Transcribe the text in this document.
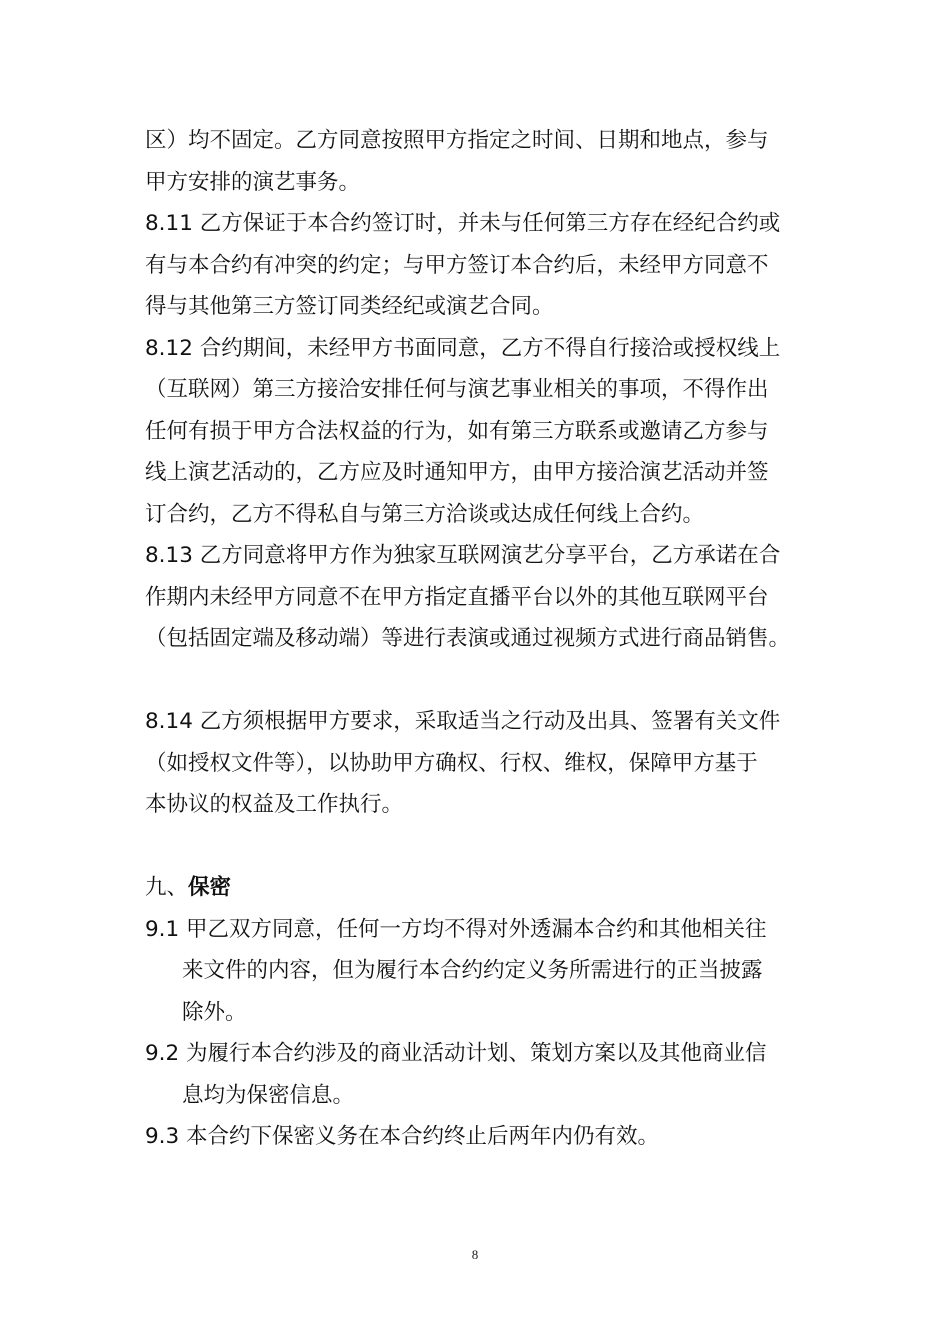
区）均不固定。乙方同意按照甲方指定之时间、日期和地点，参与
甲方安排的演艺事务。
8.11 乙方保证于本合约签订时，并未与任何第三方存在经纪合约或
有与本合约有冲突的约定；与甲方签订本合约后，未经甲方同意不
得与其他第三方签订同类经纪或演艺合同。
8.12 合约期间，未经甲方书面同意，乙方不得自行接洽或授权线上
（互联网）第三方接洽安排任何与演艺事业相关的事项，不得作出
任何有损于甲方合法权益的行为，如有第三方联系或邀请乙方参与
线上演艺活动的，乙方应及时通知甲方，由甲方接洽演艺活动并签
订合约，乙方不得私自与第三方洽谈或达成任何线上合约。
8.13 乙方同意将甲方作为独家互联网演艺分享平台，乙方承诺在合
作期内未经甲方同意不在甲方指定直播平台以外的其他互联网平台
（包括固定端及移动端）等进行表演或通过视频方式进行商品销售。
8.14 乙方须根据甲方要求，采取适当之行动及出具、签署有关文件
（如授权文件等），以协助甲方确权、行权、维权，保障甲方基于
本协议的权益及工作执行。
九、保密
9.1 甲乙双方同意，任何一方均不得对外透漏本合约和其他相关往
来文件的内容，但为履行本合约约定义务所需进行的正当披露
除外。
9.2 为履行本合约涉及的商业活动计划、策划方案以及其他商业信
息均为保密信息。
9.3 本合约下保密义务在本合约终止后两年内仍有效。
8
